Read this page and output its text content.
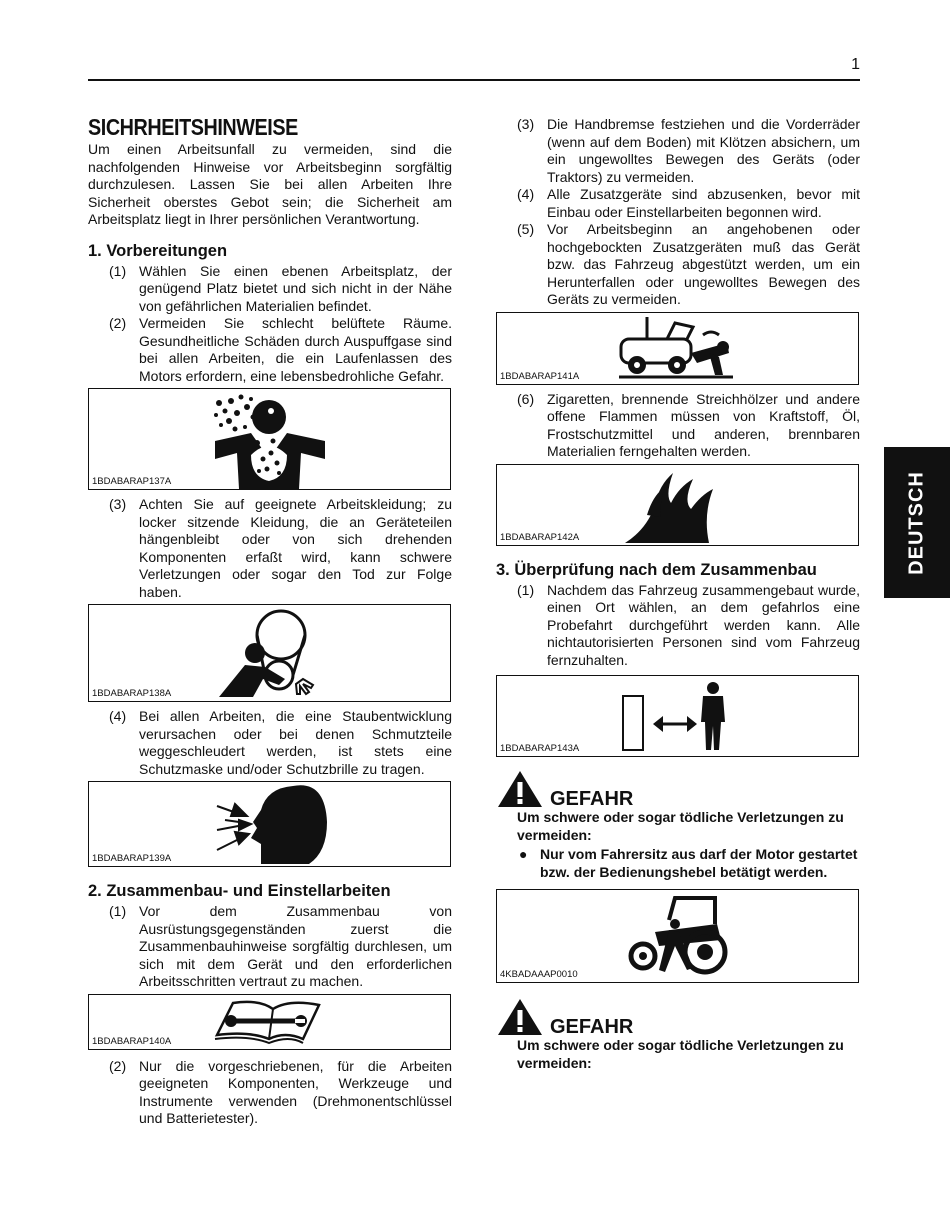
1
DEUTSCH
SICHRHEITSHINWEISE

Um einen Arbeitsunfall zu vermeiden, sind die nachfolgenden Hinweise vor Arbeitsbeginn sorgfältig durchzulesen. Lassen Sie bei allen Arbeiten Ihre Sicherheit oberstes Gebot sein; die Sicherheit am Arbeitsplatz liegt in Ihrer persönlichen Verantwortung.

1. Vorbereitungen
(1) Wählen Sie einen ebenen Arbeitsplatz, der genügend Platz bietet und sich nicht in der Nähe von gefährlichen Materialien befindet.
(2) Vermeiden Sie schlecht belüftete Räume. Gesundheitliche Schäden durch Auspuffgase sind bei allen Arbeiten, die ein Laufenlassen des Motors erfordern, eine lebensbedrohliche Gefahr.
1BDABARAP137A
(3) Achten Sie auf geeignete Arbeitskleidung; zu locker sitzende Kleidung, die an Geräteteilen hängenbleibt oder von sich drehenden Komponenten erfaßt wird, kann schwere Verletzungen oder sogar den Tod zur Folge haben.
1BDABARAP138A
(4) Bei allen Arbeiten, die eine Staubentwicklung verursachen oder bei denen Schmutzteile weggeschleudert werden, ist stets eine Schutzmaske und/oder Schutzbrille zu tragen.
1BDABARAP139A
2. Zusammenbau- und Einstellarbeiten
(1) Vor dem Zusammenbau von Ausrüstungsgegenständen zuerst die Zusammenbauhinweise sorgfältig durchlesen, um sich mit dem Gerät und den erforderlichen Arbeitsschritten vertraut zu machen.
1BDABARAP140A
(2) Nur die vorgeschriebenen, für die Arbeiten geeigneten Komponenten, Werkzeuge und Instrumente verwenden (Drehmonentschlüssel und Batterietester).
(3) Die Handbremse festziehen und die Vorderräder (wenn auf dem Boden) mit Klötzen absichern, um ein ungewolltes Bewegen des Geräts (oder Traktors) zu vermeiden.
(4) Alle Zusatzgeräte sind abzusenken, bevor mit Einbau oder Einstellarbeiten begonnen wird.
(5) Vor Arbeitsbeginn an angehobenen oder hochgebockten Zusatzgeräten muß das Gerät bzw. das Fahrzeug abgestützt werden, um ein Herunterfallen oder ungewolltes Bewegen des Geräts zu vermeiden.
1BDABARAP141A
(6) Zigaretten, brennende Streichhölzer und andere offene Flammen müssen von Kraftstoff, Öl, Frostschutzmittel und anderen, brennbaren Materialien ferngehalten werden.
1BDABARAP142A
3. Überprüfung nach dem Zusammenbau
(1) Nachdem das Fahrzeug zusammengebaut wurde, einen Ort wählen, an dem gefahrlos eine Probefahrt durchgeführt werden kann. Alle nichtautorisierten Personen sind vom Fahrzeug fernzuhalten.
1BDABARAP143A
GEFAHR
Um schwere oder sogar tödliche Verletzungen zu vermeiden:
● Nur vom Fahrersitz aus darf der Motor gestartet bzw. der Bedienungshebel betätigt werden.
4KBADAAAP0010
GEFAHR
Um schwere oder sogar tödliche Verletzungen zu vermeiden:
